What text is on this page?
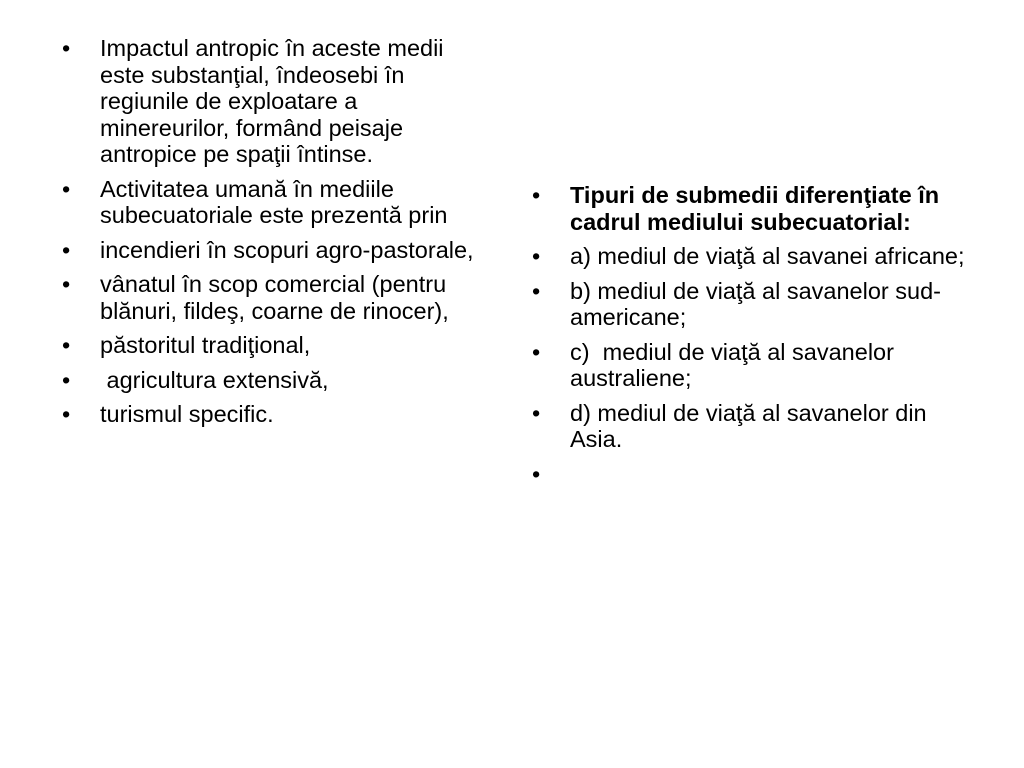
•	Impactul antropic în aceste medii este substanţial, îndeosebi în regiunile de exploatare a minereurilor, formând peisaje antropice pe spaţii întinse.
•	Activitatea umană în mediile subecuatoriale este prezentă prin
•	incendieri în scopuri agro-pastorale,
•	vânatul în scop comercial (pentru blănuri, fildeş, coarne de rinocer),
•	păstoritul tradiţional,
•	agricultura extensivă,
•	turismul specific.
•	Tipuri de submedii diferenţiate în cadrul mediului subecuatorial:
•	a) mediul de viaţă al savanei africane;
•	b) mediul de viaţă al savanelor sud-americane;
•	c)  mediul de viaţă al savanelor australiene;
•	d) mediul de viaţă al savanelor din Asia.
•
